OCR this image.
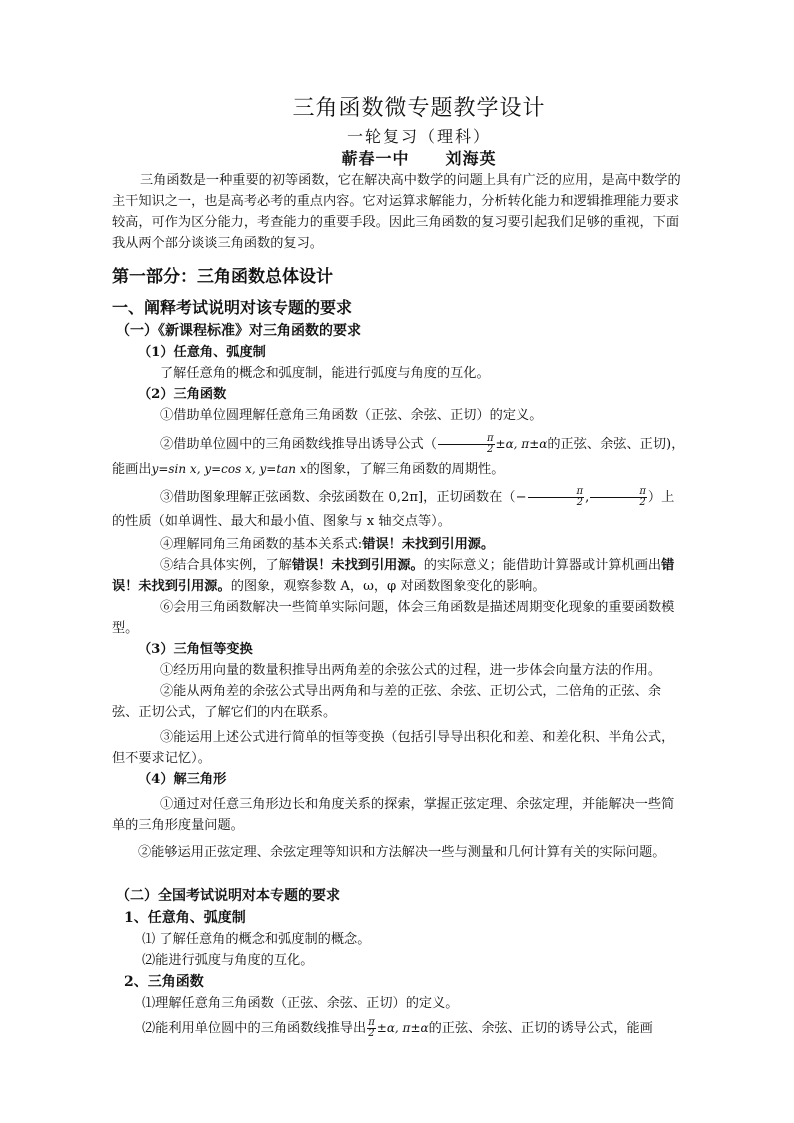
三角函数微专题教学设计
一轮复习（理科）
蕲春一中 刘海英

三角函数是一种重要的初等函数，它在解决高中数学的问题上具有广泛的应用，是高中数学的主干知识之一，也是高考必考的重点内容。它对运算求解能力，分析转化能力和逻辑推理能力要求较高，可作为区分能力，考查能力的重要手段。因此三角函数的复习要引起我们足够的重视，下面我从两个部分谈谈三角函数的复习。

第一部分：三角函数总体设计
一、阐释考试说明对该专题的要求
（一）《新课程标准》对三角函数的要求
（1）任意角、弧度制

了解任意角的概念和弧度制，能进行弧度与角度的互化。

（2）三角函数

①借助单位圆理解任意角三角函数（正弦、余弦、正切）的定义。

②借助单位圆中的三角函数线推导出诱导公式（ $\frac{\pi}{2} \pm\alpha$, π±α的正弦、余弦、正切)，能画出y=sin x, y=cos x, y=tan x的图象，了解三角函数的周期性。

③借助图象理解正弦函数、余弦函数在 0,2π]，正切函数在（− $\frac{\pi}{2}$ , $\frac{\pi}{2}$ ）上的性质（如单调性、最大和最小值、图象与 x 轴交点等）。

④理解同角三角函数的基本关系式:错误！未找到引用源。

⑤结合具体实例，了解错误！未找到引用源。的实际意义；能借助计算器或计算机画出错误！未找到引用源。的图象，观察参数 A，ω，φ 对函数图象变化的影响。

⑥会用三角函数解决一些简单实际问题，体会三角函数是描述周期变化现象的重要函数模型。

（3）三角恒等变换

①经历用向量的数量积推导出两角差的余弦公式的过程，进一步体会向量方法的作用。

②能从两角差的余弦公式导出两角和与差的正弦、余弦、正切公式，二倍角的正弦、余弦、正切公式，了解它们的内在联系。

③能运用上述公式进行简单的恒等变换（包括引导导出积化和差、和差化积、半角公式，但不要求记忆）。

（4）解三角形

①通过对任意三角形边长和角度关系的探索，掌握正弦定理、余弦定理，并能解决一些简单的三角形度量问题。

②能够运用正弦定理、余弦定理等知识和方法解决一些与测量和几何计算有关的实际问题。

（二）全国考试说明对本专题的要求
1、任意角、弧度制

⑴ 了解任意角的概念和弧度制的概念。

⑵能进行弧度与角度的互化。

2、三角函数

⑴理解任意角三角函数（正弦、余弦、正切）的定义。

⑵能利用单位圆中的三角函数线推导出 $\frac{\pi}{2} \pm\alpha$, π±α的正弦、余弦、正切的诱导公式，能画
